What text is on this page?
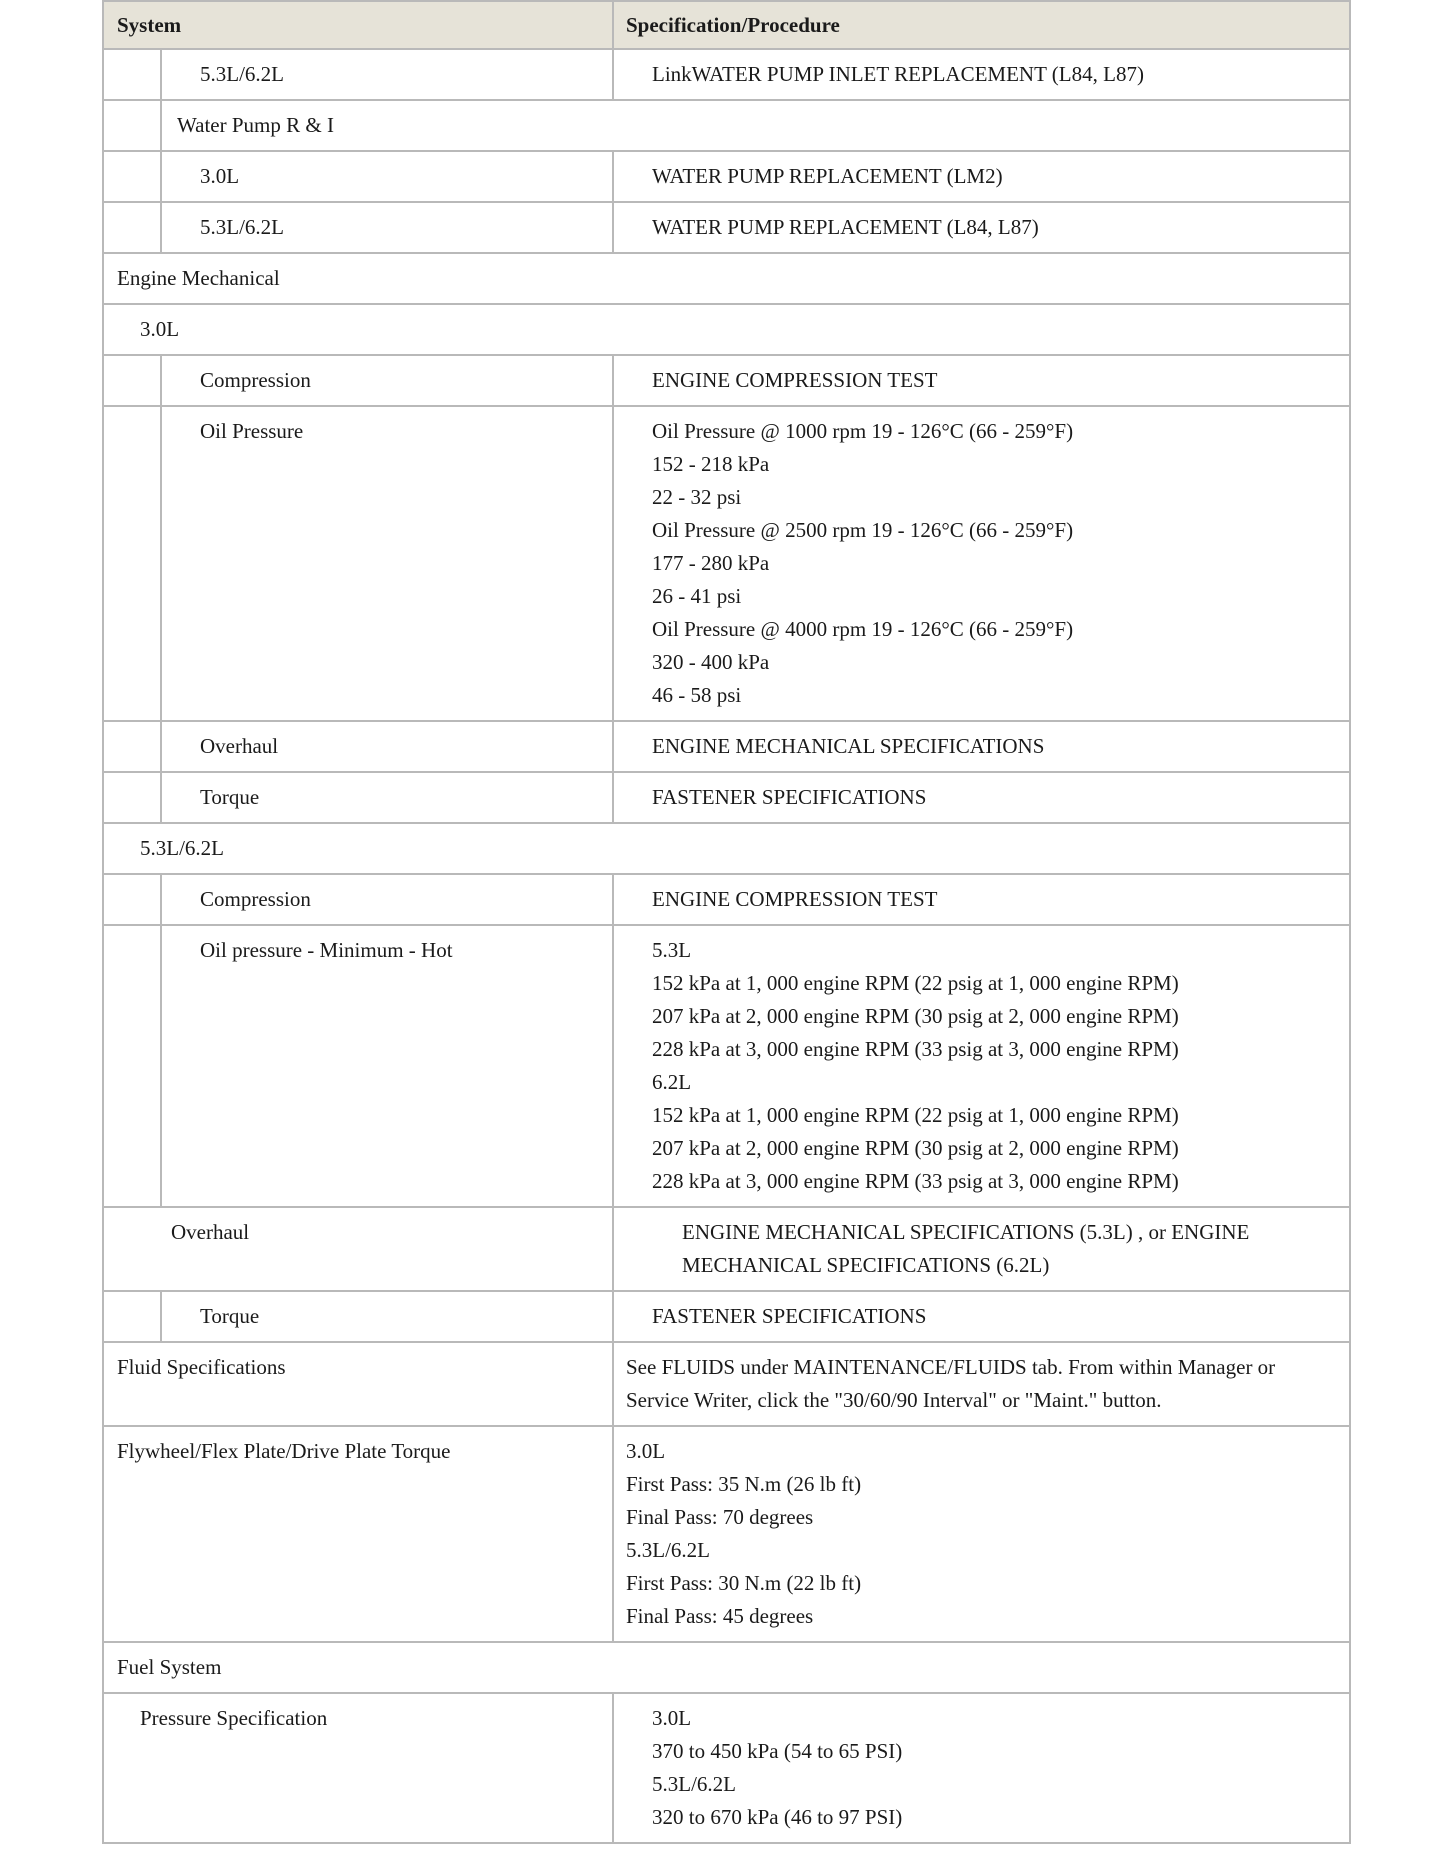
System	Specification/Procedure
5.3L/6.2L	LinkWATER PUMP INLET REPLACEMENT (L84, L87)
Water Pump R & I
3.0L	WATER PUMP REPLACEMENT (LM2)
5.3L/6.2L	WATER PUMP REPLACEMENT (L84, L87)
Engine Mechanical
3.0L
Compression	ENGINE COMPRESSION TEST
Oil Pressure	Oil Pressure @ 1000 rpm 19 - 126°C (66 - 259°F)
152 - 218 kPa
22 - 32 psi
Oil Pressure @ 2500 rpm 19 - 126°C (66 - 259°F)
177 - 280 kPa
26 - 41 psi
Oil Pressure @ 4000 rpm 19 - 126°C (66 - 259°F)
320 - 400 kPa
46 - 58 psi
Overhaul	ENGINE MECHANICAL SPECIFICATIONS
Torque	FASTENER SPECIFICATIONS
5.3L/6.2L
Compression	ENGINE COMPRESSION TEST
Oil pressure - Minimum - Hot	5.3L
152 kPa at 1, 000 engine RPM (22 psig at 1, 000 engine RPM)
207 kPa at 2, 000 engine RPM (30 psig at 2, 000 engine RPM)
228 kPa at 3, 000 engine RPM (33 psig at 3, 000 engine RPM)
6.2L
152 kPa at 1, 000 engine RPM (22 psig at 1, 000 engine RPM)
207 kPa at 2, 000 engine RPM (30 psig at 2, 000 engine RPM)
228 kPa at 3, 000 engine RPM (33 psig at 3, 000 engine RPM)
Overhaul	ENGINE MECHANICAL SPECIFICATIONS (5.3L) , or ENGINE
MECHANICAL SPECIFICATIONS (6.2L)
Torque	FASTENER SPECIFICATIONS
Fluid Specifications	See FLUIDS under MAINTENANCE/FLUIDS tab. From within Manager or
Service Writer, click the "30/60/90 Interval" or "Maint." button.
Flywheel/Flex Plate/Drive Plate Torque	3.0L
First Pass: 35 N.m (26 lb ft)
Final Pass: 70 degrees
5.3L/6.2L
First Pass: 30 N.m (22 lb ft)
Final Pass: 45 degrees
Fuel System
Pressure Specification	3.0L
370 to 450 kPa (54 to 65 PSI)
5.3L/6.2L
320 to 670 kPa (46 to 97 PSI)
